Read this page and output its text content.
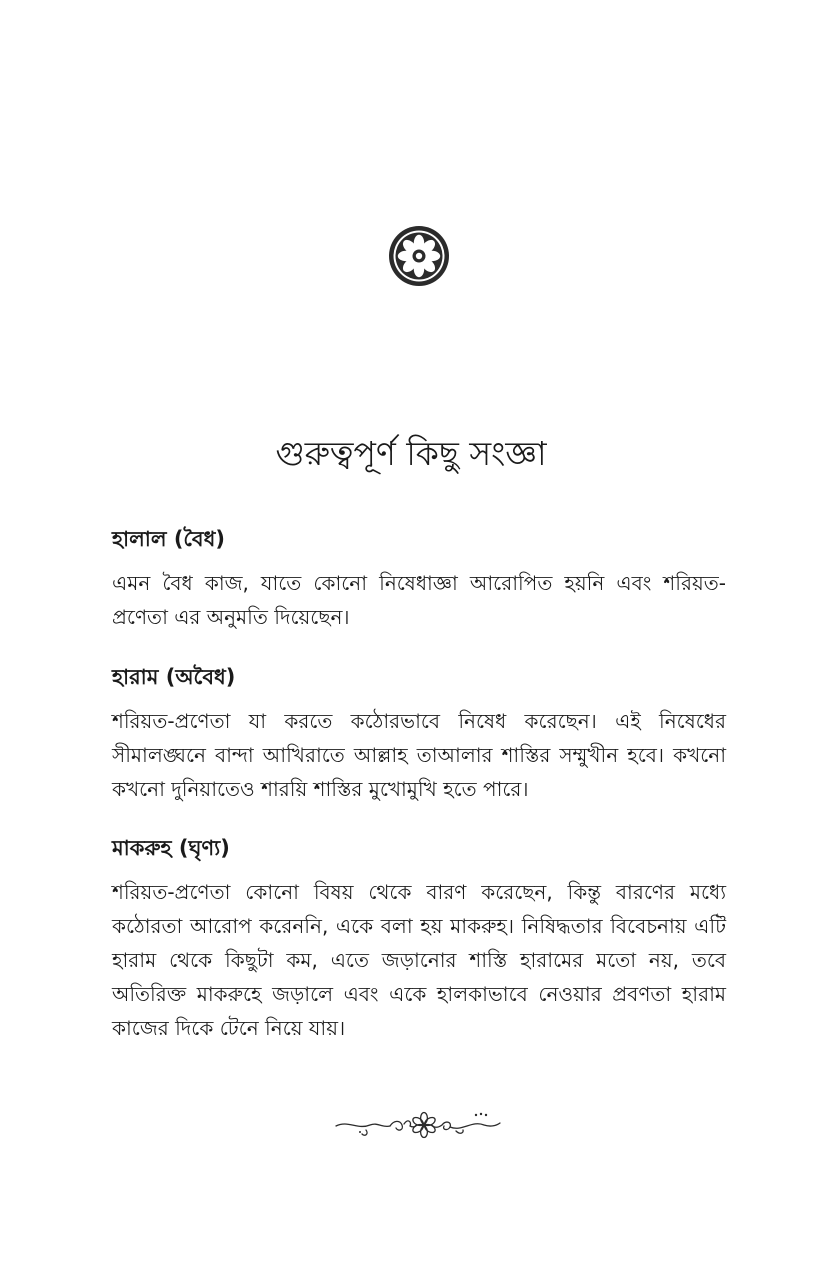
গুরুত্বপূর্ণ কিছু সংজ্ঞা
হালাল (বৈধ)

এমন বৈধ কাজ, যাতে কোনো নিষেধাজ্ঞা আরোপিত হয়নি এবং শরিয়ত-প্রণেতা এর অনুমতি দিয়েছেন।

হারাম (অবৈধ)

শরিয়ত-প্রণেতা যা করতে কঠোরভাবে নিষেধ করেছেন। এই নিষেধের সীমালঙ্ঘনে বান্দা আখিরাতে আল্লাহ তাআলার শাস্তির সম্মুখীন হবে। কখনো কখনো দুনিয়াতেও শারয়ি শাস্তির মুখোমুখি হতে পারে।

মাকরুহ (ঘৃণ্য)

শরিয়ত-প্রণেতা কোনো বিষয় থেকে বারণ করেছেন, কিন্তু বারণের মধ্যে কঠোরতা আরোপ করেননি, একে বলা হয় মাকরুহ। নিষিদ্ধতার বিবেচনায় এটি হারাম থেকে কিছুটা কম, এতে জড়ানোর শাস্তি হারামের মতো নয়, তবে অতিরিক্ত মাকরুহে জড়ালে এবং একে হালকাভাবে নেওয়ার প্রবণতা হারাম কাজের দিকে টেনে নিয়ে যায়।
